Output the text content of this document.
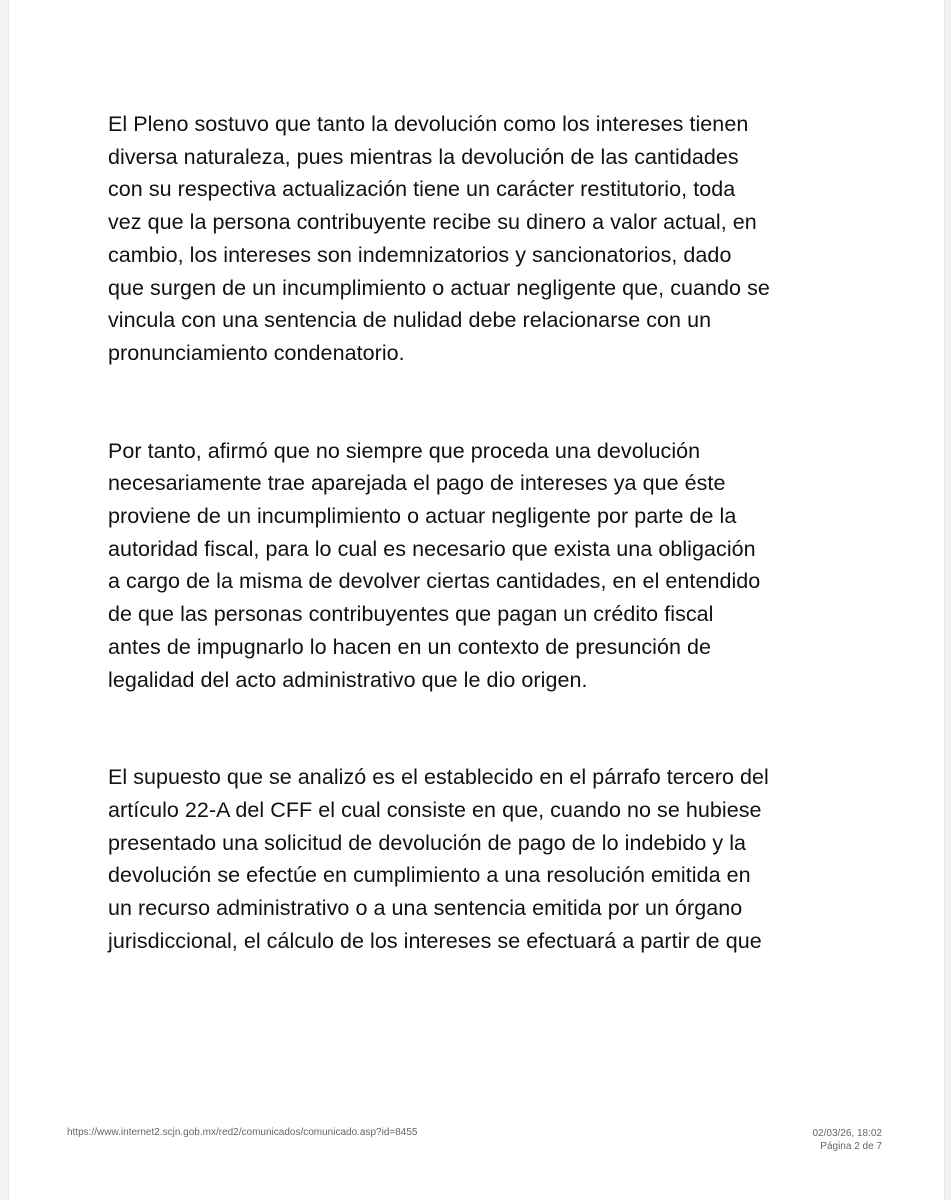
El Pleno sostuvo que tanto la devolución como los intereses tienen
diversa naturaleza, pues mientras la devolución de las cantidades
con su respectiva actualización tiene un carácter restitutorio, toda
vez que la persona contribuyente recibe su dinero a valor actual, en
cambio, los intereses son indemnizatorios y sancionatorios, dado
que surgen de un incumplimiento o actuar negligente que, cuando se
vincula con una sentencia de nulidad debe relacionarse con un
pronunciamiento condenatorio.

Por tanto, afirmó que no siempre que proceda una devolución
necesariamente trae aparejada el pago de intereses ya que éste
proviene de un incumplimiento o actuar negligente por parte de la
autoridad fiscal, para lo cual es necesario que exista una obligación
a cargo de la misma de devolver ciertas cantidades, en el entendido
de que las personas contribuyentes que pagan un crédito fiscal
antes de impugnarlo lo hacen en un contexto de presunción de
legalidad del acto administrativo que le dio origen.

El supuesto que se analizó es el establecido en el párrafo tercero del
artículo 22-A del CFF el cual consiste en que, cuando no se hubiese
presentado una solicitud de devolución de pago de lo indebido y la
devolución se efectúe en cumplimiento a una resolución emitida en
un recurso administrativo o a una sentencia emitida por un órgano
jurisdiccional, el cálculo de los intereses se efectuará a partir de que

https://www.internet2.scjn.gob.mx/red2/comunicados/comunicado.asp?id=8455	02/03/26, 18:02
Página 2 de 7
